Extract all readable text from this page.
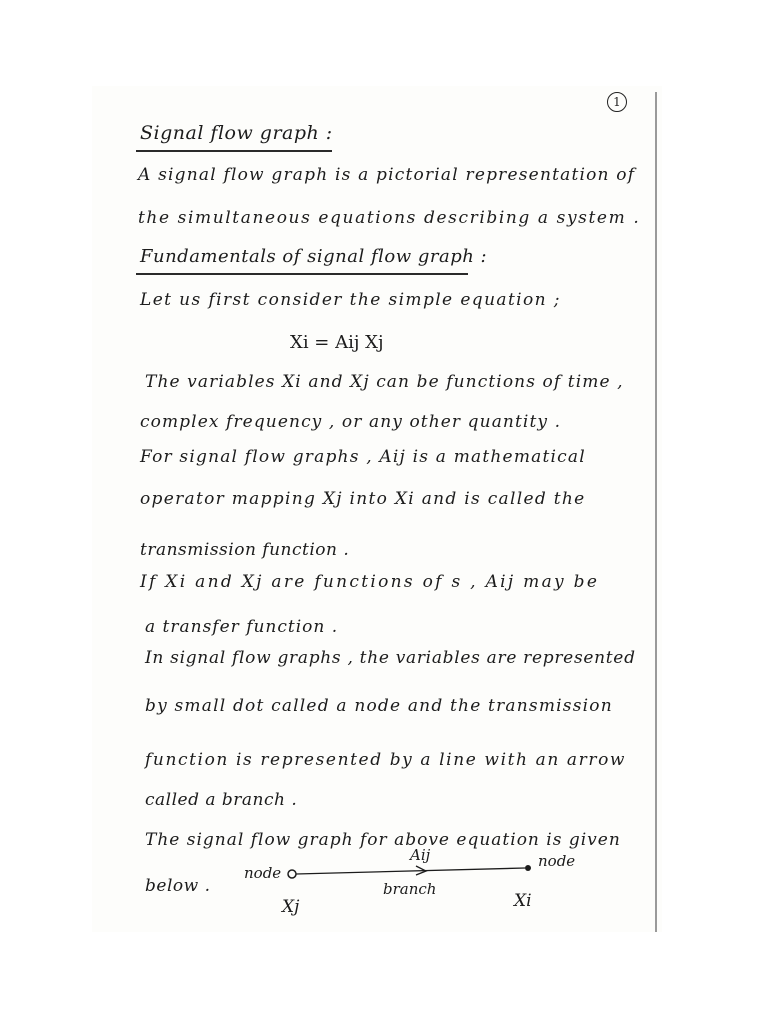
1
Signal flow graph :
A signal flow graph is a pictorial representation of
the simultaneous equations describing a system .
Fundamentals of signal flow graph :
Let us first consider the simple equation ;
Xi = Aij Xj
The variables Xi and Xj can be functions of time ,
complex frequency , or any other quantity .
For signal flow graphs , Aij is a mathematical
operator mapping Xj into Xi and is called the
transmission function .
If Xi and Xj are functions of s , Aij may be
a transfer function .
In signal flow graphs , the variables are represented
by small dot called a node and the transmission
function is represented by a line with an arrow
called a branch .
The signal flow graph for above equation is given
below .
node
node
Aij
branch
Xj	Xi
